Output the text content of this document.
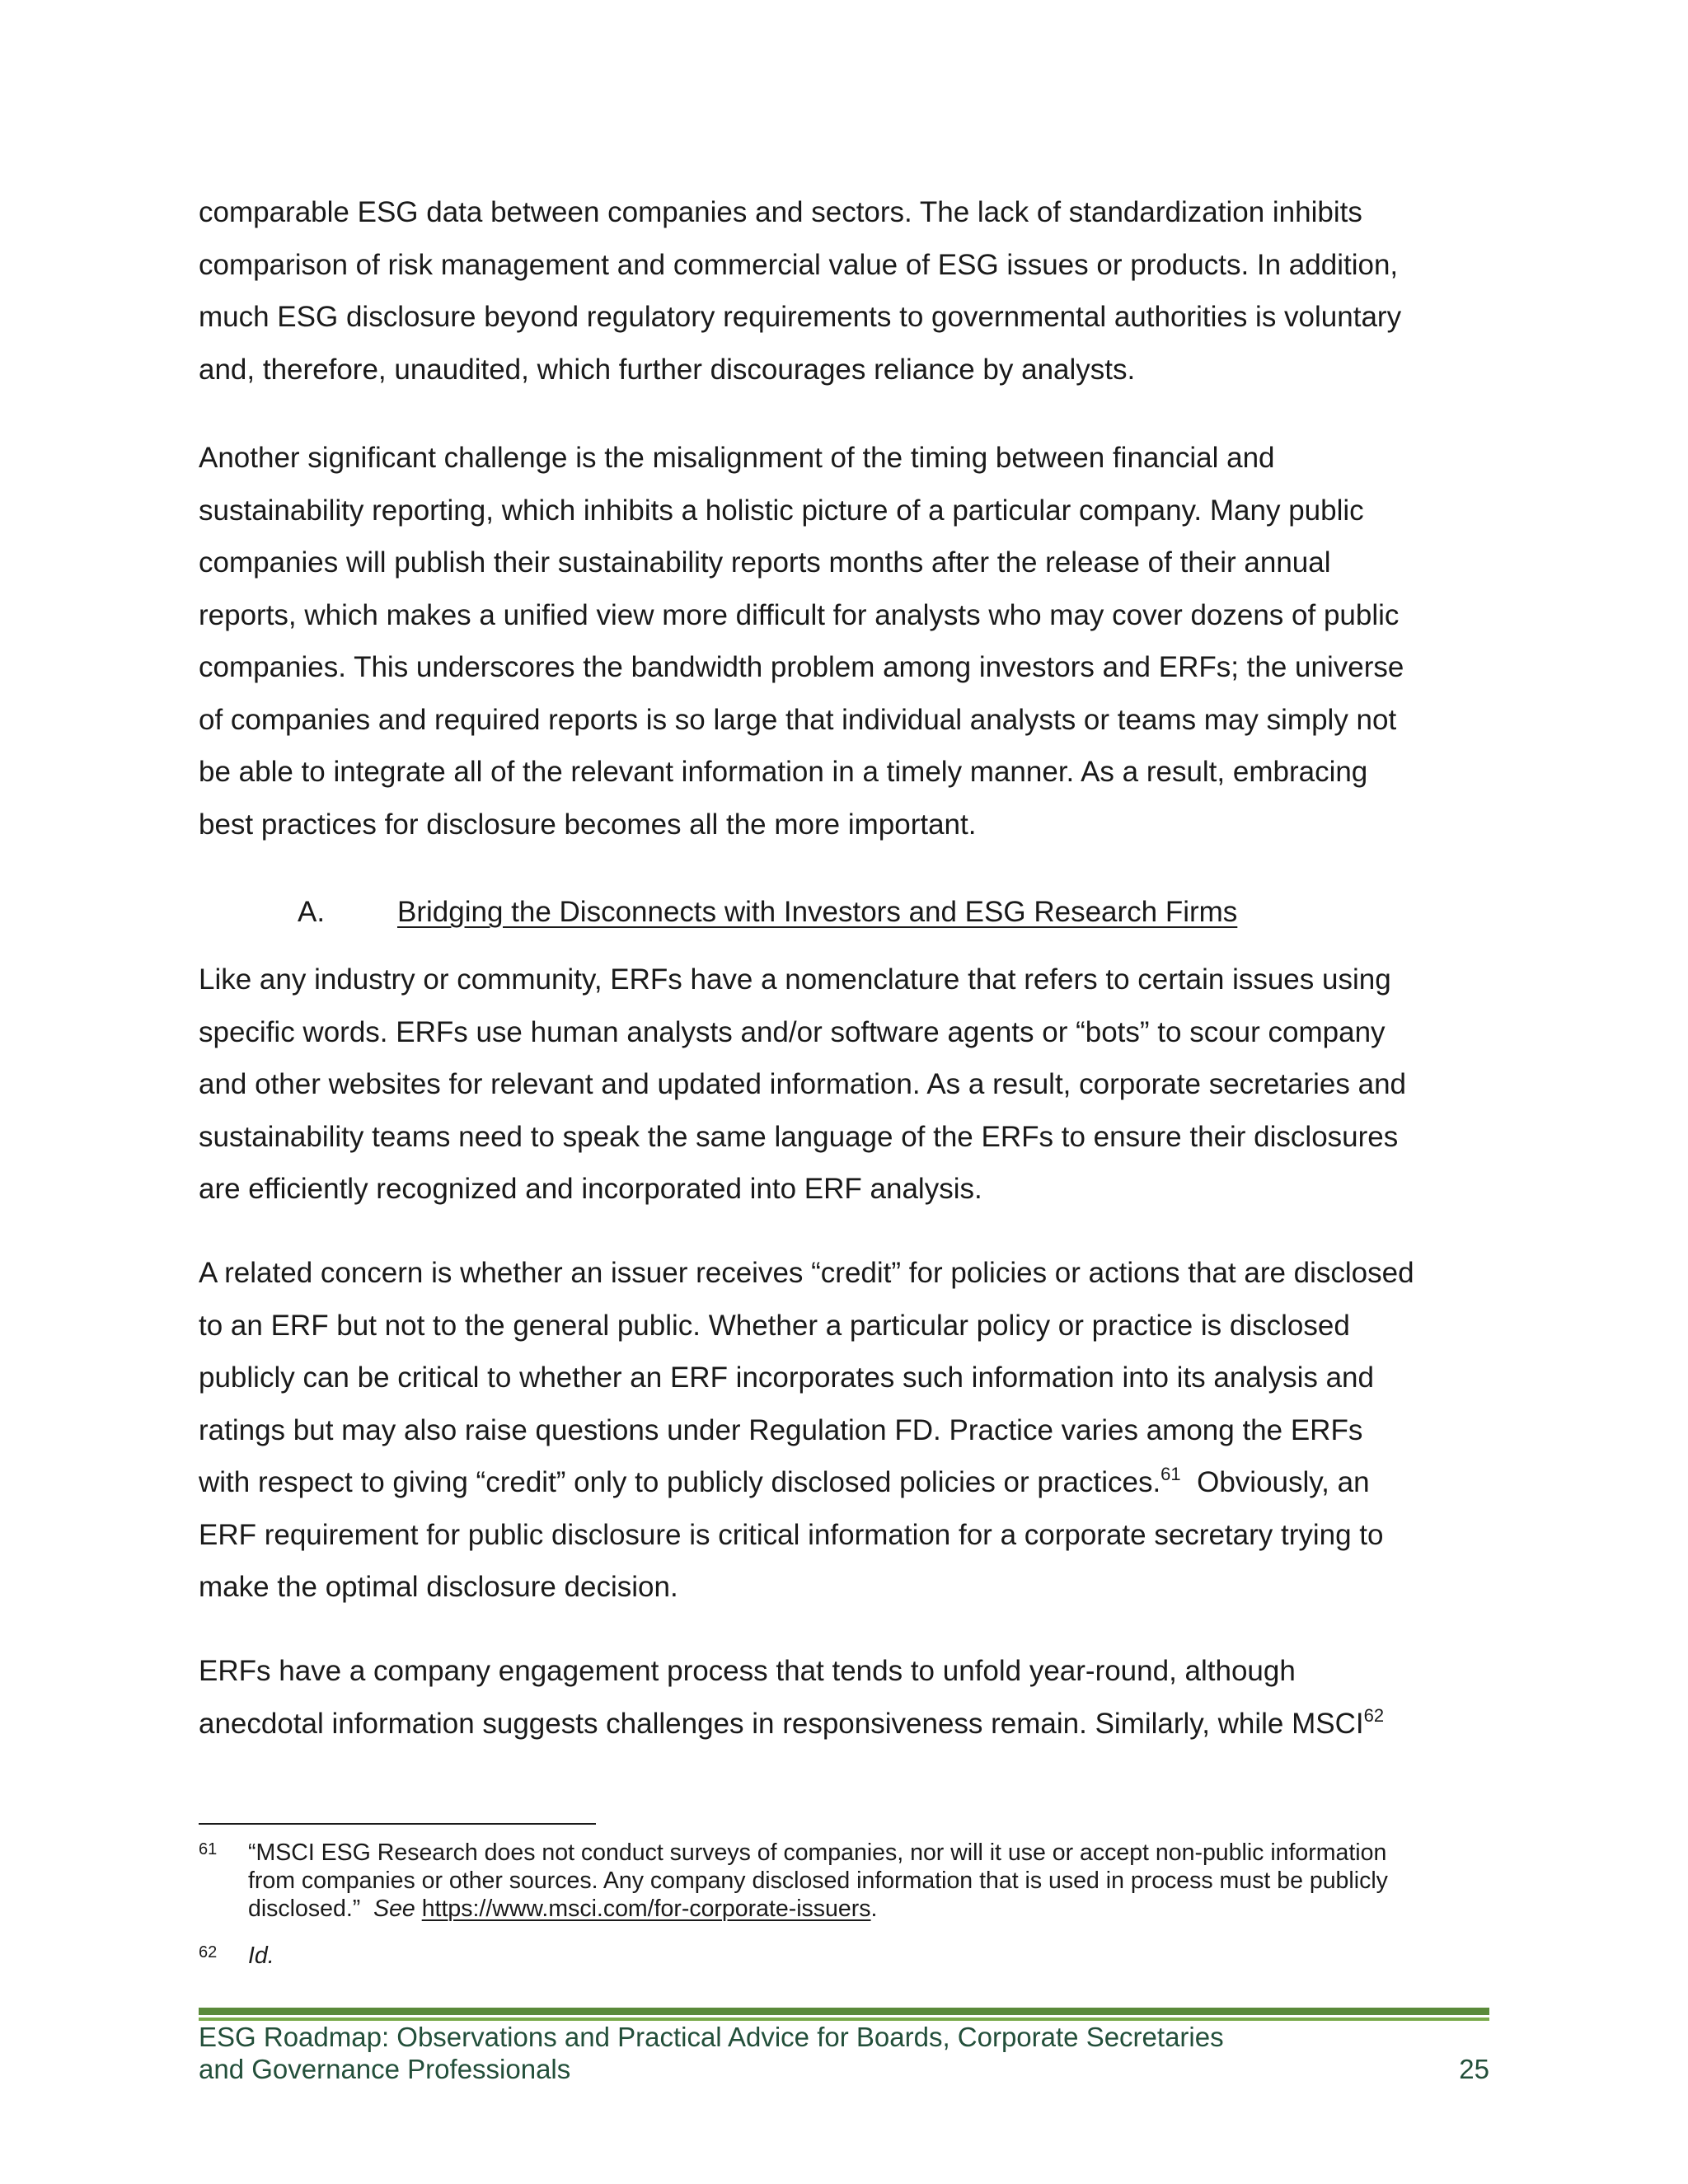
comparable ESG data between companies and sectors. The lack of standardization inhibits
comparison of risk management and commercial value of ESG issues or products. In addition,
much ESG disclosure beyond regulatory requirements to governmental authorities is voluntary
and, therefore, unaudited, which further discourages reliance by analysts.
Another significant challenge is the misalignment of the timing between financial and
sustainability reporting, which inhibits a holistic picture of a particular company. Many public
companies will publish their sustainability reports months after the release of their annual
reports, which makes a unified view more difficult for analysts who may cover dozens of public
companies. This underscores the bandwidth problem among investors and ERFs; the universe
of companies and required reports is so large that individual analysts or teams may simply not
be able to integrate all of the relevant information in a timely manner. As a result, embracing
best practices for disclosure becomes all the more important.
A.	Bridging the Disconnects with Investors and ESG Research Firms
Like any industry or community, ERFs have a nomenclature that refers to certain issues using
specific words. ERFs use human analysts and/or software agents or “bots” to scour company
and other websites for relevant and updated information. As a result, corporate secretaries and
sustainability teams need to speak the same language of the ERFs to ensure their disclosures
are efficiently recognized and incorporated into ERF analysis.
A related concern is whether an issuer receives “credit” for policies or actions that are disclosed
to an ERF but not to the general public. Whether a particular policy or practice is disclosed
publicly can be critical to whether an ERF incorporates such information into its analysis and
ratings but may also raise questions under Regulation FD. Practice varies among the ERFs
with respect to giving “credit” only to publicly disclosed policies or practices.$^{61}$  Obviously, an
ERF requirement for public disclosure is critical information for a corporate secretary trying to
make the optimal disclosure decision.
ERFs have a company engagement process that tends to unfold year-round, although
anecdotal information suggests challenges in responsiveness remain. Similarly, while MSCI$^{62}$
61 “MSCI ESG Research does not conduct surveys of companies, nor will it use or accept non-public information
from companies or other sources. Any company disclosed information that is used in process must be publicly
disclosed.”  See https://www.msci.com/for-corporate-issuers.
62 Id.
ESG Roadmap: Observations and Practical Advice for Boards, Corporate Secretaries
and Governance Professionals	25
